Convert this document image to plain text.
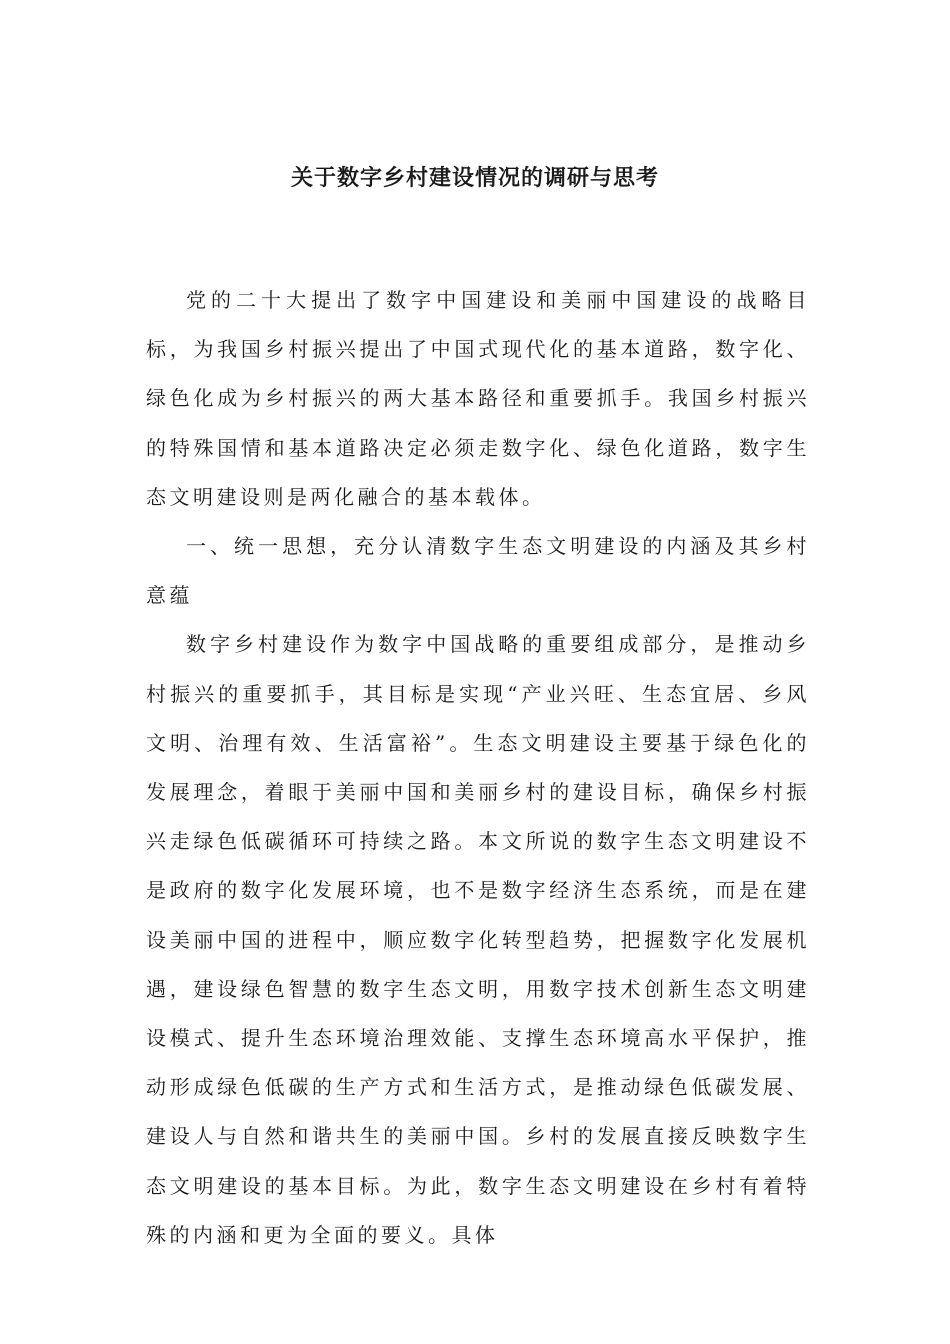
关于数字乡村建设情况的调研与思考

党的二十大提出了数字中国建设和美丽中国建设的战略目标，为我国乡村振兴提出了中国式现代化的基本道路，数字化、绿色化成为乡村振兴的两大基本路径和重要抓手。我国乡村振兴的特殊国情和基本道路决定必须走数字化、绿色化道路，数字生态文明建设则是两化融合的基本载体。

一、统一思想，充分认清数字生态文明建设的内涵及其乡村意蕴

数字乡村建设作为数字中国战略的重要组成部分，是推动乡村振兴的重要抓手，其目标是实现“产业兴旺、生态宜居、乡风文明、治理有效、生活富裕”。生态文明建设主要基于绿色化的发展理念，着眼于美丽中国和美丽乡村的建设目标，确保乡村振兴走绿色低碳循环可持续之路。本文所说的数字生态文明建设不是政府的数字化发展环境，也不是数字经济生态系统，而是在建设美丽中国的进程中，顺应数字化转型趋势，把握数字化发展机遇，建设绿色智慧的数字生态文明，用数字技术创新生态文明建设模式、提升生态环境治理效能、支撑生态环境高水平保护，推动形成绿色低碳的生产方式和生活方式，是推动绿色低碳发展、建设人与自然和谐共生的美丽中国。乡村的发展直接反映数字生态文明建设的基本目标。为此，数字生态文明建设在乡村有着特殊的内涵和更为全面的要义。具体
